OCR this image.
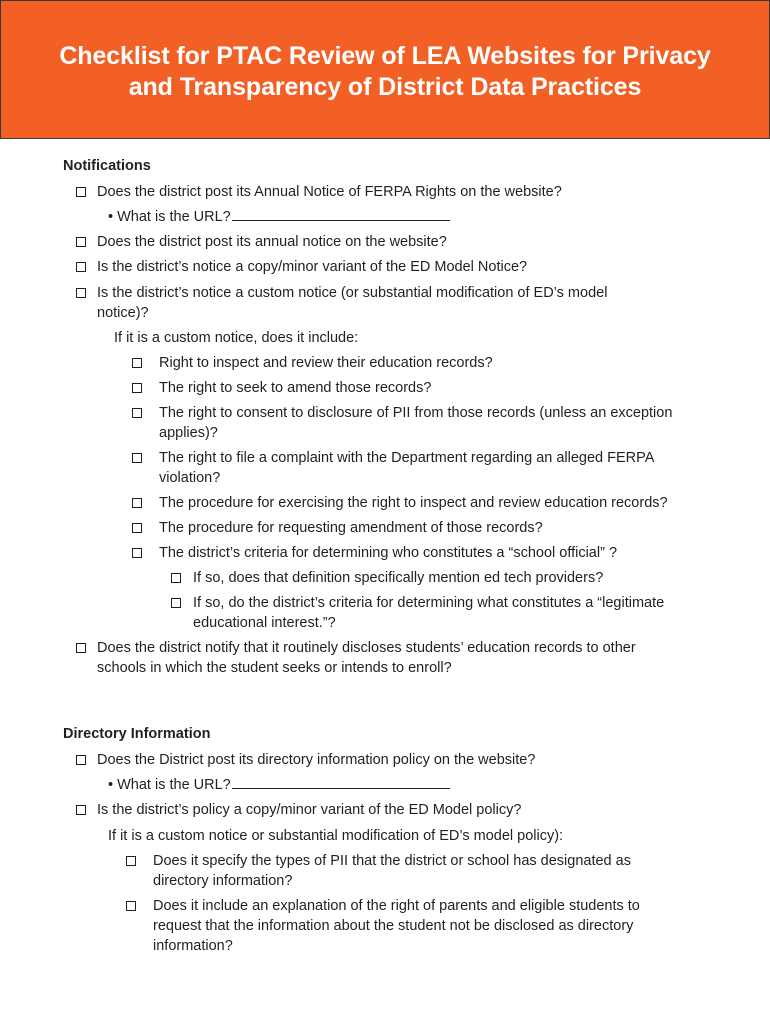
Checklist for PTAC Review of LEA Websites for Privacy
and Transparency of District Data Practices
Notifications
Does the district post its Annual Notice of FERPA Rights on the website?
• What is the URL?
Does the district post its annual notice on the website?
Is the district’s notice a copy/minor variant of the ED Model Notice?
Is the district’s notice a custom notice (or substantial modification of ED’s model
notice)?
If it is a custom notice, does it include:
Right to inspect and review their education records?
The right to seek to amend those records?
The right to consent to disclosure of PII from those records (unless an exception
applies)?
The right to file a complaint with the Department regarding an alleged FERPA
violation?
The procedure for exercising the right to inspect and review education records?
The procedure for requesting amendment of those records?
The district’s criteria for determining who constitutes a “school official” ?
If so, does that definition specifically mention ed tech providers?
If so, do the district’s criteria for determining what constitutes a “legitimate
educational interest.”?
Does the district notify that it routinely discloses students’ education records to other
schools in which the student seeks or intends to enroll?
Directory Information
Does the District post its directory information policy on the website?
• What is the URL?
Is the district’s policy a copy/minor variant of the ED Model policy?
If it is a custom notice or substantial modification of ED’s model policy):
Does it specify the types of PII that the district or school has designated as
directory information?
Does it include an explanation of the right of parents and eligible students to
request that the information about the student not be disclosed as directory
information?
